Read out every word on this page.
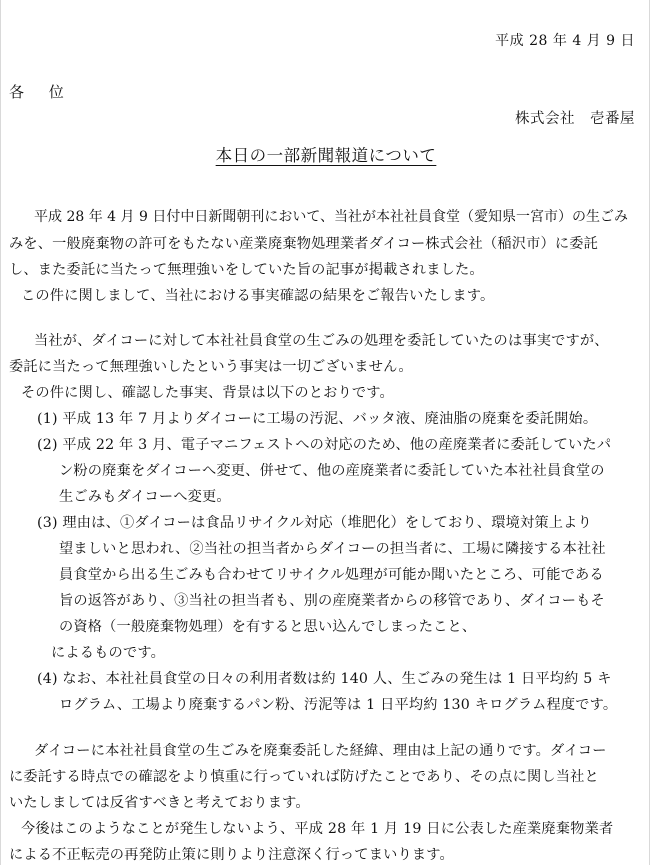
平成 28 年 4 月 9 日
各 位
株式会社　壱番屋
本日の一部新聞報道について
平成 28 年 4 月 9 日付中日新聞朝刊において、当社が本社社員食堂（愛知県一宮市）の生ごみ
みを、一般廃棄物の許可をもたない産業廃棄物処理業者ダイコー株式会社（稲沢市）に委託
し、また委託に当たって無理強いをしていた旨の記事が掲載されました。
この件に関しまして、当社における事実確認の結果をご報告いたします。
当社が、ダイコーに対して本社社員食堂の生ごみの処理を委託していたのは事実ですが、
委託に当たって無理強いしたという事実は一切ございません。
その件に関し、確認した事実、背景は以下のとおりです。
(1) 平成 13 年 7 月よりダイコーに工場の汚泥、バッタ液、廃油脂の廃棄を委託開始。
(2) 平成 22 年 3 月、電子マニフェストへの対応のため、他の産廃業者に委託していたパ
ン粉の廃棄をダイコーへ変更、併せて、他の産廃業者に委託していた本社社員食堂の
生ごみもダイコーへ変更。
(3) 理由は、①ダイコーは食品リサイクル対応（堆肥化）をしており、環境対策上より
望ましいと思われ、②当社の担当者からダイコーの担当者に、工場に隣接する本社社
員食堂から出る生ごみも合わせてリサイクル処理が可能か聞いたところ、可能である
旨の返答があり、③当社の担当者も、別の産廃業者からの移管であり、ダイコーもそ
の資格（一般廃棄物処理）を有すると思い込んでしまったこと、
によるものです。
(4) なお、本社社員食堂の日々の利用者数は約 140 人、生ごみの発生は 1 日平均約 5 キ
ログラム、工場より廃棄するパン粉、汚泥等は 1 日平均約 130 キログラム程度です。
ダイコーに本社社員食堂の生ごみを廃棄委託した経緯、理由は上記の通りです。ダイコー
に委託する時点での確認をより慎重に行っていれば防げたことであり、その点に関し当社と
いたしましては反省すべきと考えております。
今後はこのようなことが発生しないよう、平成 28 年 1 月 19 日に公表した産業廃棄物業者
による不正転売の再発防止策に則りより注意深く行ってまいります。
